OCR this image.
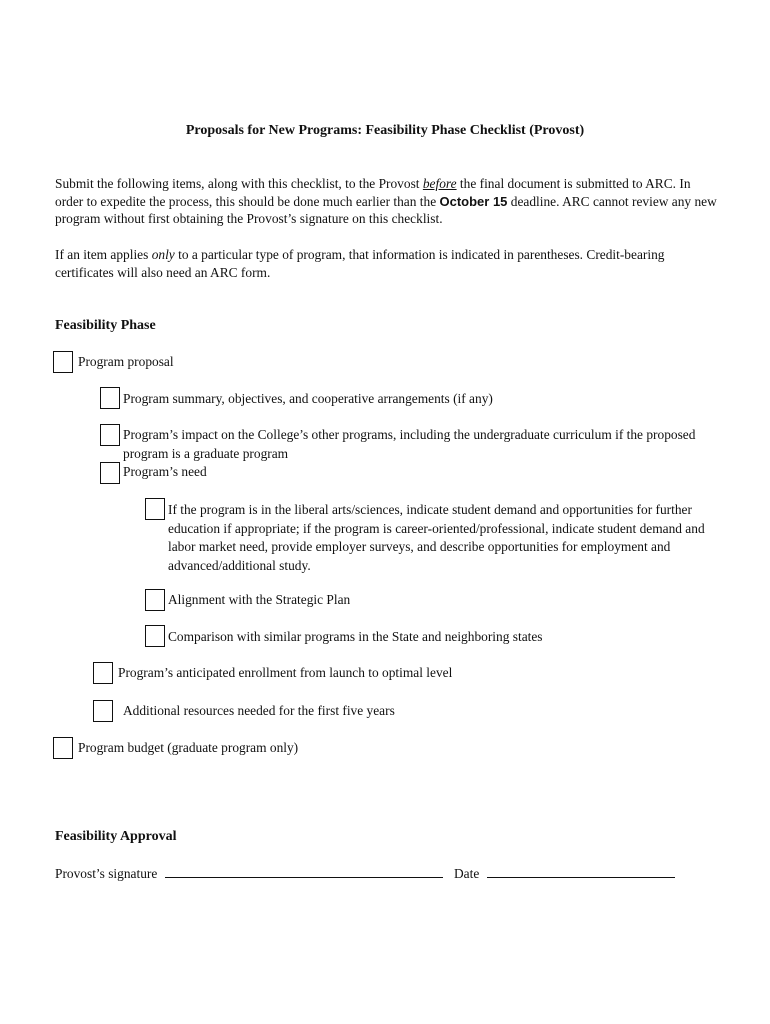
Proposals for New Programs: Feasibility Phase Checklist (Provost)
Submit the following items, along with this checklist, to the Provost before the final document is submitted to ARC. In order to expedite the process, this should be done much earlier than the October 15 deadline. ARC cannot review any new program without first obtaining the Provost’s signature on this checklist.
If an item applies only to a particular type of program, that information is indicated in parentheses. Credit-bearing certificates will also need an ARC form.
Feasibility Phase
Program proposal
Program summary, objectives, and cooperative arrangements (if any)
Program’s impact on the College’s other programs, including the undergraduate curriculum if the proposed program is a graduate program
Program’s need
If the program is in the liberal arts/sciences, indicate student demand and opportunities for further education if appropriate; if the program is career-oriented/professional, indicate student demand and labor market need, provide employer surveys, and describe opportunities for employment and advanced/additional study.
Alignment with the Strategic Plan
Comparison with similar programs in the State and neighboring states
Program’s anticipated enrollment from launch to optimal level
Additional resources needed for the first five years
Program budget (graduate program only)
Feasibility Approval
Provost’s signature	Date
